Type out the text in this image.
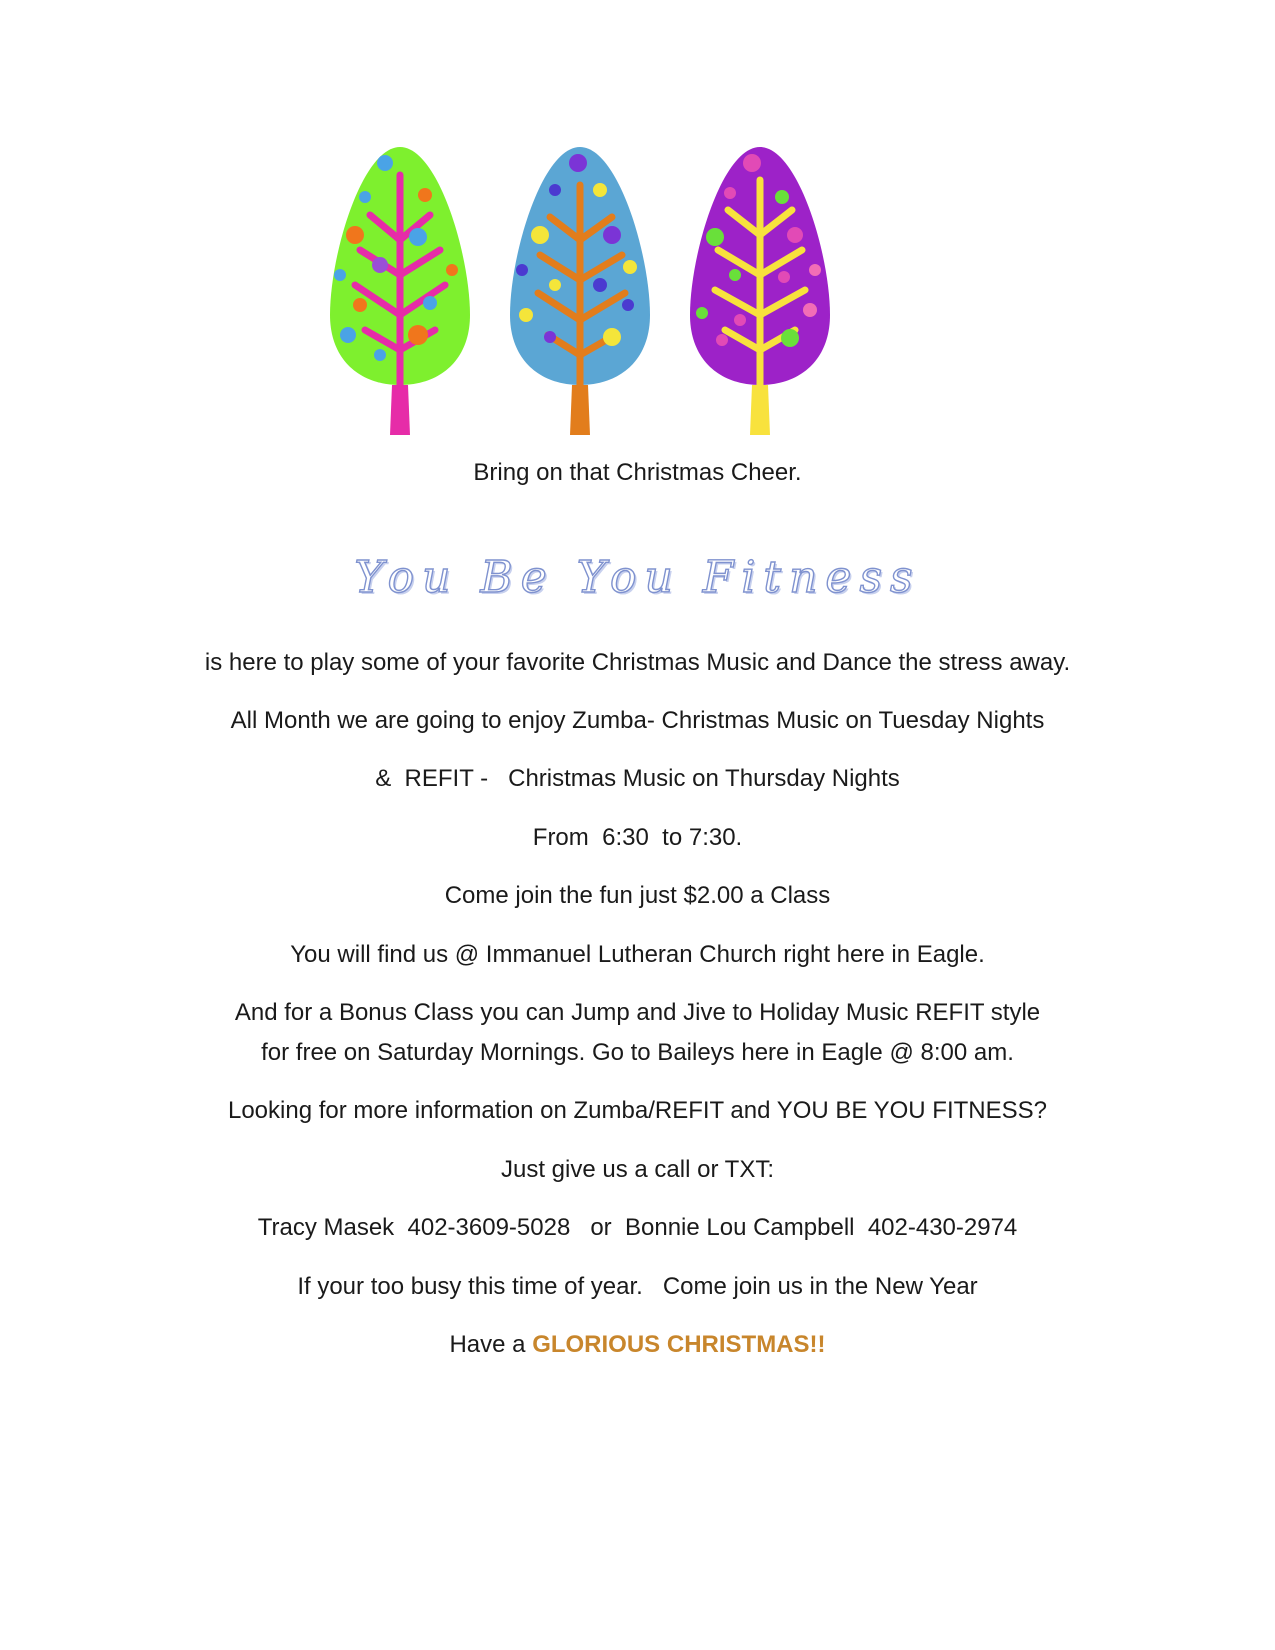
Bring on that Christmas Cheer.
You Be You Fitness
is here to play some of your favorite Christmas Music and Dance the stress away.
All Month we are going to enjoy Zumba- Christmas Music on Tuesday Nights
&  REFIT -   Christmas Music on Thursday Nights
From  6:30  to 7:30.
Come join the fun just $2.00 a Class
You will find us @ Immanuel Lutheran Church right here in Eagle.
And for a Bonus Class you can Jump and Jive to Holiday Music REFIT style
for free on Saturday Mornings. Go to Baileys here in Eagle @ 8:00 am.
Looking for more information on Zumba/REFIT and YOU BE YOU FITNESS?
Just give us a call or TXT:
Tracy Masek  402-3609-5028   or  Bonnie Lou Campbell  402-430-2974
If your too busy this time of year.   Come join us in the New Year
Have a GLORIOUS CHRISTMAS!!
